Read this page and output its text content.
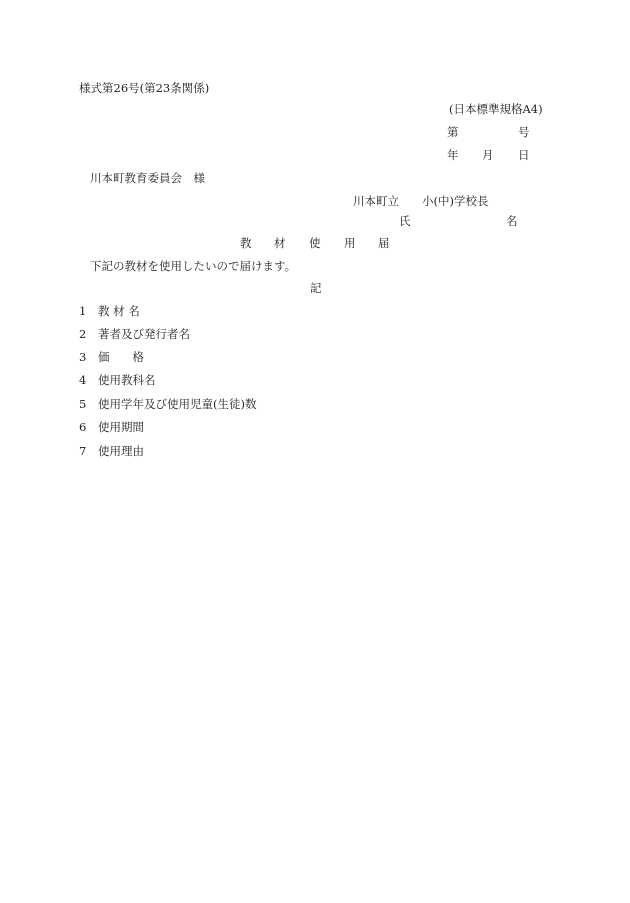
様式第26号(第23条関係)
(日本標準規格A4)
第	号
年 月 日
川本町教育委員会　様
川本町立　　小(中)学校長
氏	名
教 材 使 用 届
下記の教材を使用したいので届けます。
記
1 教 材 名
2 著者及び発行者名
3 価　　格
4 使用教科名
5 使用学年及び使用児童(生徒)数
6 使用期間
7 使用理由
